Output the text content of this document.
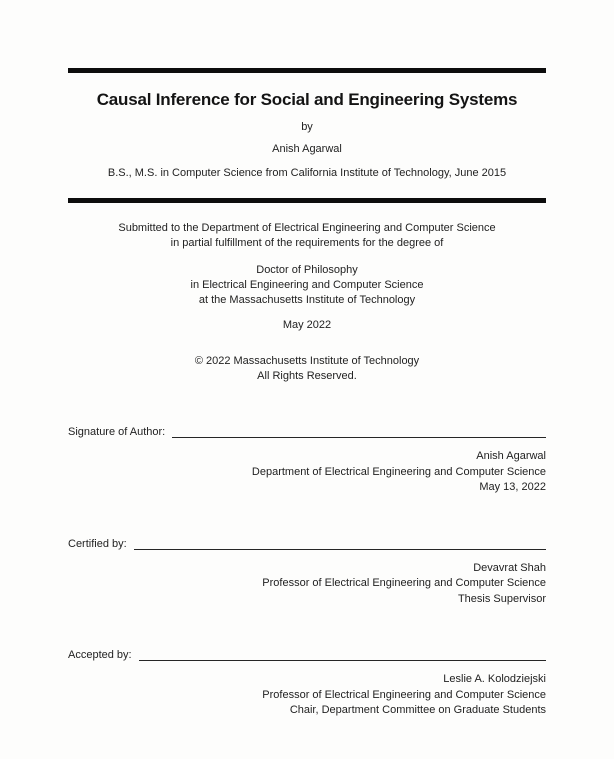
Causal Inference for Social and Engineering Systems
by
Anish Agarwal
B.S., M.S. in Computer Science from California Institute of Technology, June 2015
Submitted to the Department of Electrical Engineering and Computer Science
in partial fulfillment of the requirements for the degree of
Doctor of Philosophy
in Electrical Engineering and Computer Science
at the Massachusetts Institute of Technology
May 2022
© 2022 Massachusetts Institute of Technology
All Rights Reserved.
Signature of Author:
Anish Agarwal
Department of Electrical Engineering and Computer Science
May 13, 2022
Certified by:
Devavrat Shah
Professor of Electrical Engineering and Computer Science
Thesis Supervisor
Accepted by:
Leslie A. Kolodziejski
Professor of Electrical Engineering and Computer Science
Chair, Department Committee on Graduate Students
